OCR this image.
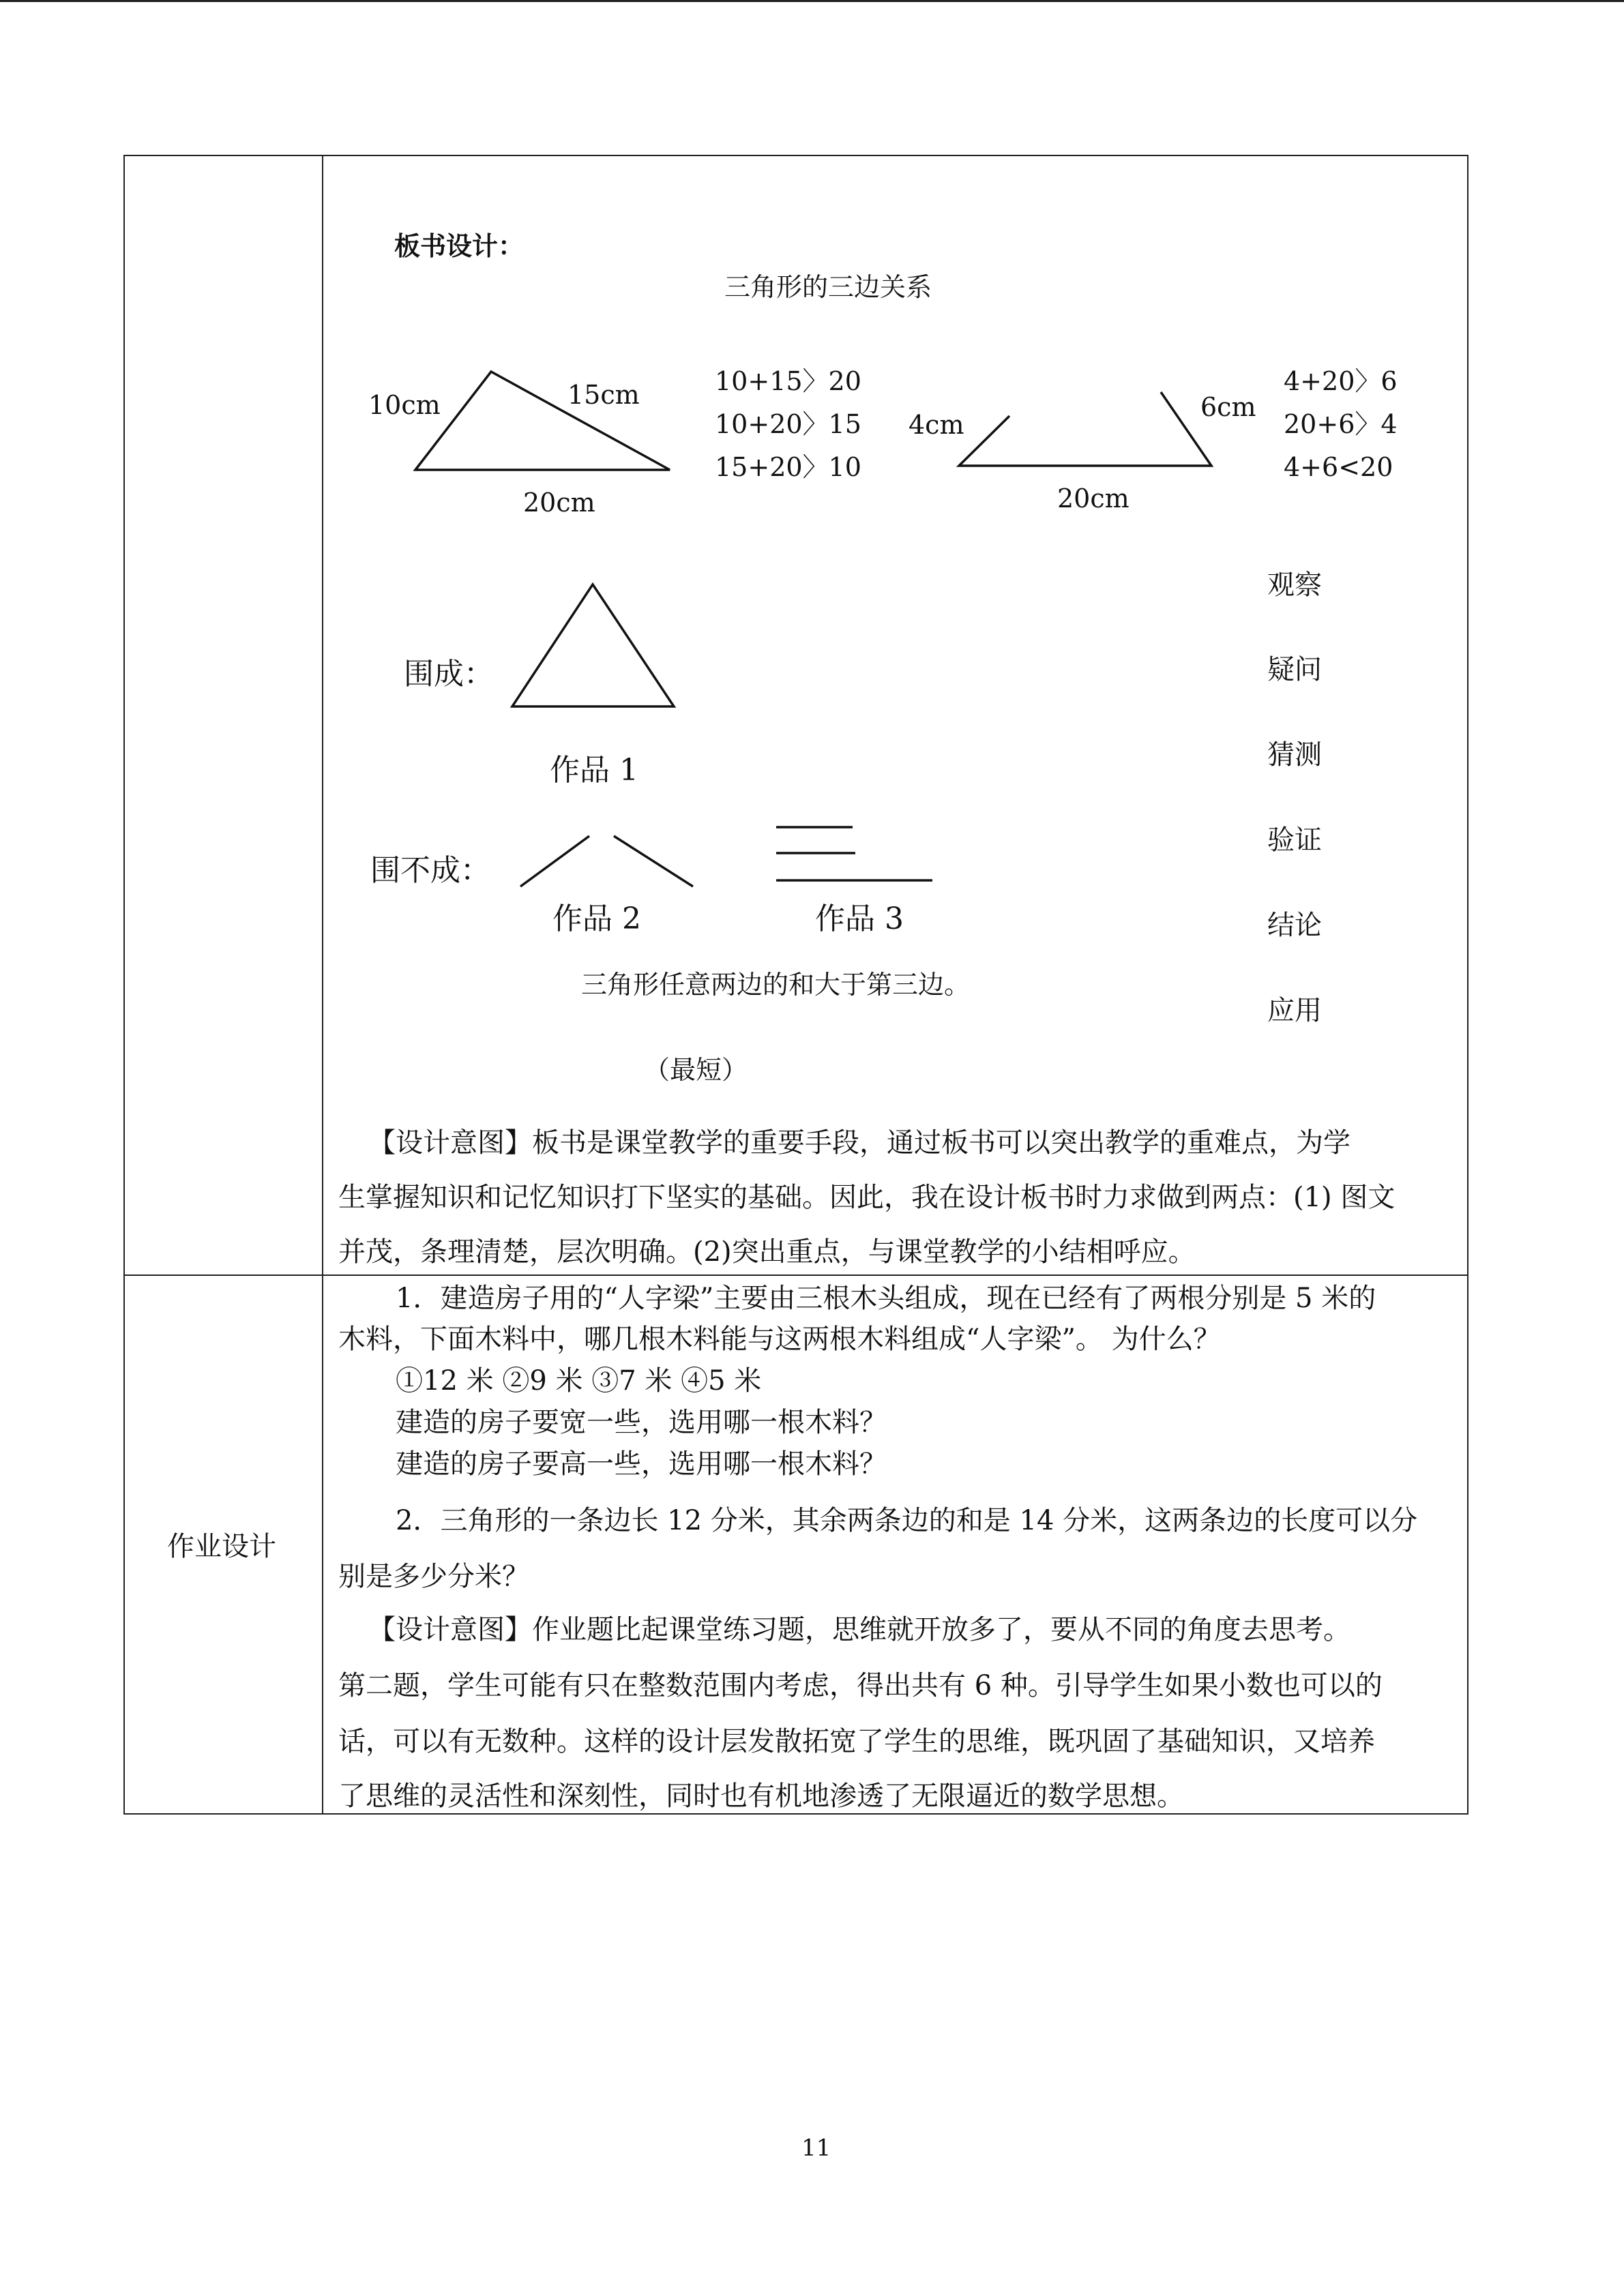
板书设计：
三角形的三边关系
10cm	15cm
20cm
10+15〉20
10+20〉15
15+20〉10
4cm
6cm
20cm
4+20〉6
20+6〉4
4+6<20
围成：
作品 1
围不成：
作品 2	作品 3
三角形任意两边的和大于第三边。
（最短）
观察
疑问
猜测
验证
结论
应用
【设计意图】板书是课堂教学的重要手段，通过板书可以突出教学的重难点，为学
生掌握知识和记忆知识打下坚实的基础。因此，我在设计板书时力求做到两点：(1) 图文
并茂，条理清楚，层次明确。(2)突出重点，与课堂教学的小结相呼应。
作业设计
1．建造房子用的“人字梁”主要由三根木头组成，现在已经有了两根分别是 5 米的
木料，下面木料中，哪几根木料能与这两根木料组成“人字梁”。 为什么？
①12 米 ②9 米 ③7 米 ④5 米
建造的房子要宽一些，选用哪一根木料？
建造的房子要高一些，选用哪一根木料？
2．三角形的一条边长 12 分米，其余两条边的和是 14 分米，这两条边的长度可以分
别是多少分米？
【设计意图】作业题比起课堂练习题，思维就开放多了，要从不同的角度去思考。
第二题，学生可能有只在整数范围内考虑，得出共有 6 种。引导学生如果小数也可以的
话，可以有无数种。这样的设计层发散拓宽了学生的思维，既巩固了基础知识，又培养
了思维的灵活性和深刻性，同时也有机地渗透了无限逼近的数学思想。
11
